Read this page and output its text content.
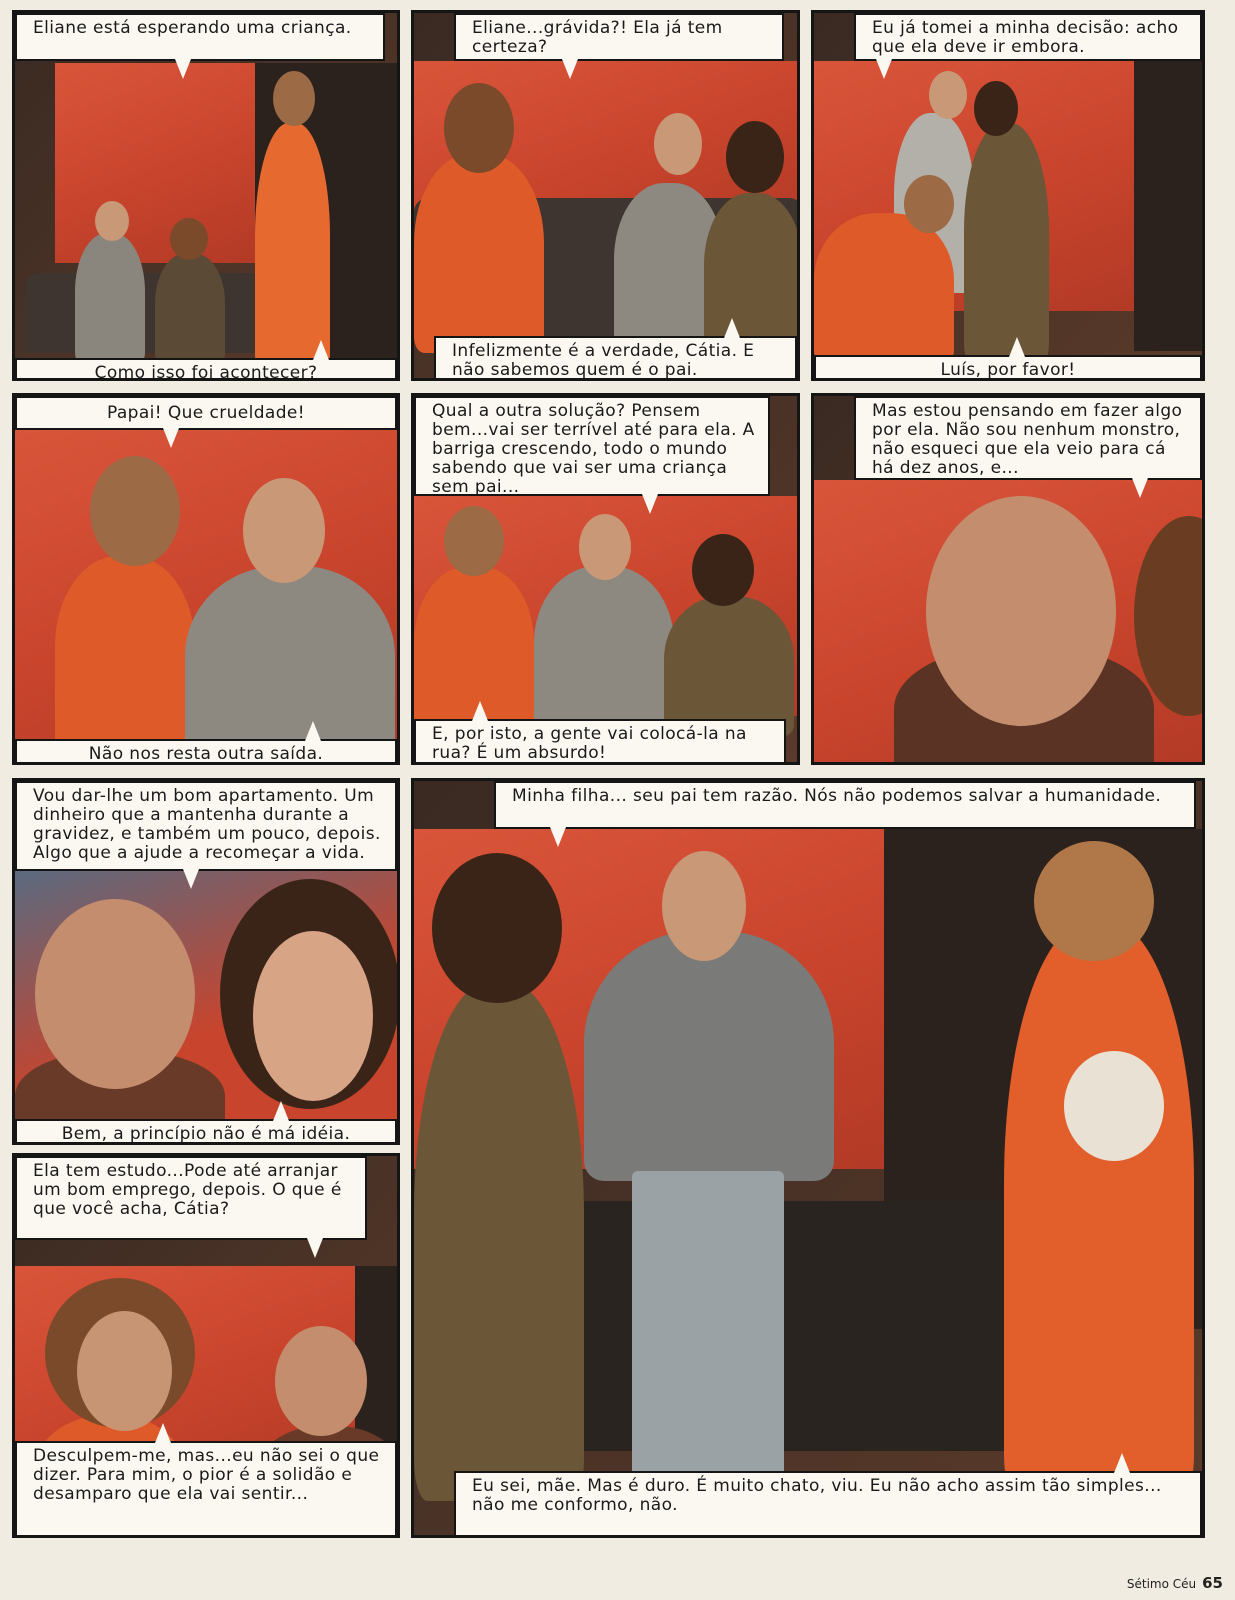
Eliane está esperando uma criança.
Como isso foi acontecer?
Eliane...grávida?! Ela já tem certeza?
Infelizmente é a verdade, Cátia. E não sabemos quem é o pai.
Eu já tomei a minha decisão: acho que ela deve ir embora.
Luís, por favor!
Papai! Que crueldade!
Não nos resta outra saída.
Qual a outra solução? Pensem bem...vai ser terrível até para ela. A barriga crescendo, todo o mundo sabendo que vai ser uma criança sem pai...
E, por isto, a gente vai colocá-la na rua? É um absurdo!
Mas estou pensando em fazer algo por ela. Não sou nenhum monstro, não esqueci que ela veio para cá há dez anos, e...
Vou dar-lhe um bom apartamento. Um dinheiro que a mantenha durante a gravidez, e também um pouco, depois. Algo que a ajude a recomeçar a vida.
Bem, a princípio não é má idéia.
Ela tem estudo...Pode até arranjar um bom emprego, depois. O que é que você acha, Cátia?
Desculpem-me, mas...eu não sei o que dizer. Para mim, o pior é a solidão e desamparo que ela vai sentir...
Minha filha... seu pai tem razão. Nós não podemos salvar a humanidade.
Eu sei, mãe. Mas é duro. É muito chato, viu. Eu não acho assim tão simples... não me conformo, não.
Sétimo Céu 65
